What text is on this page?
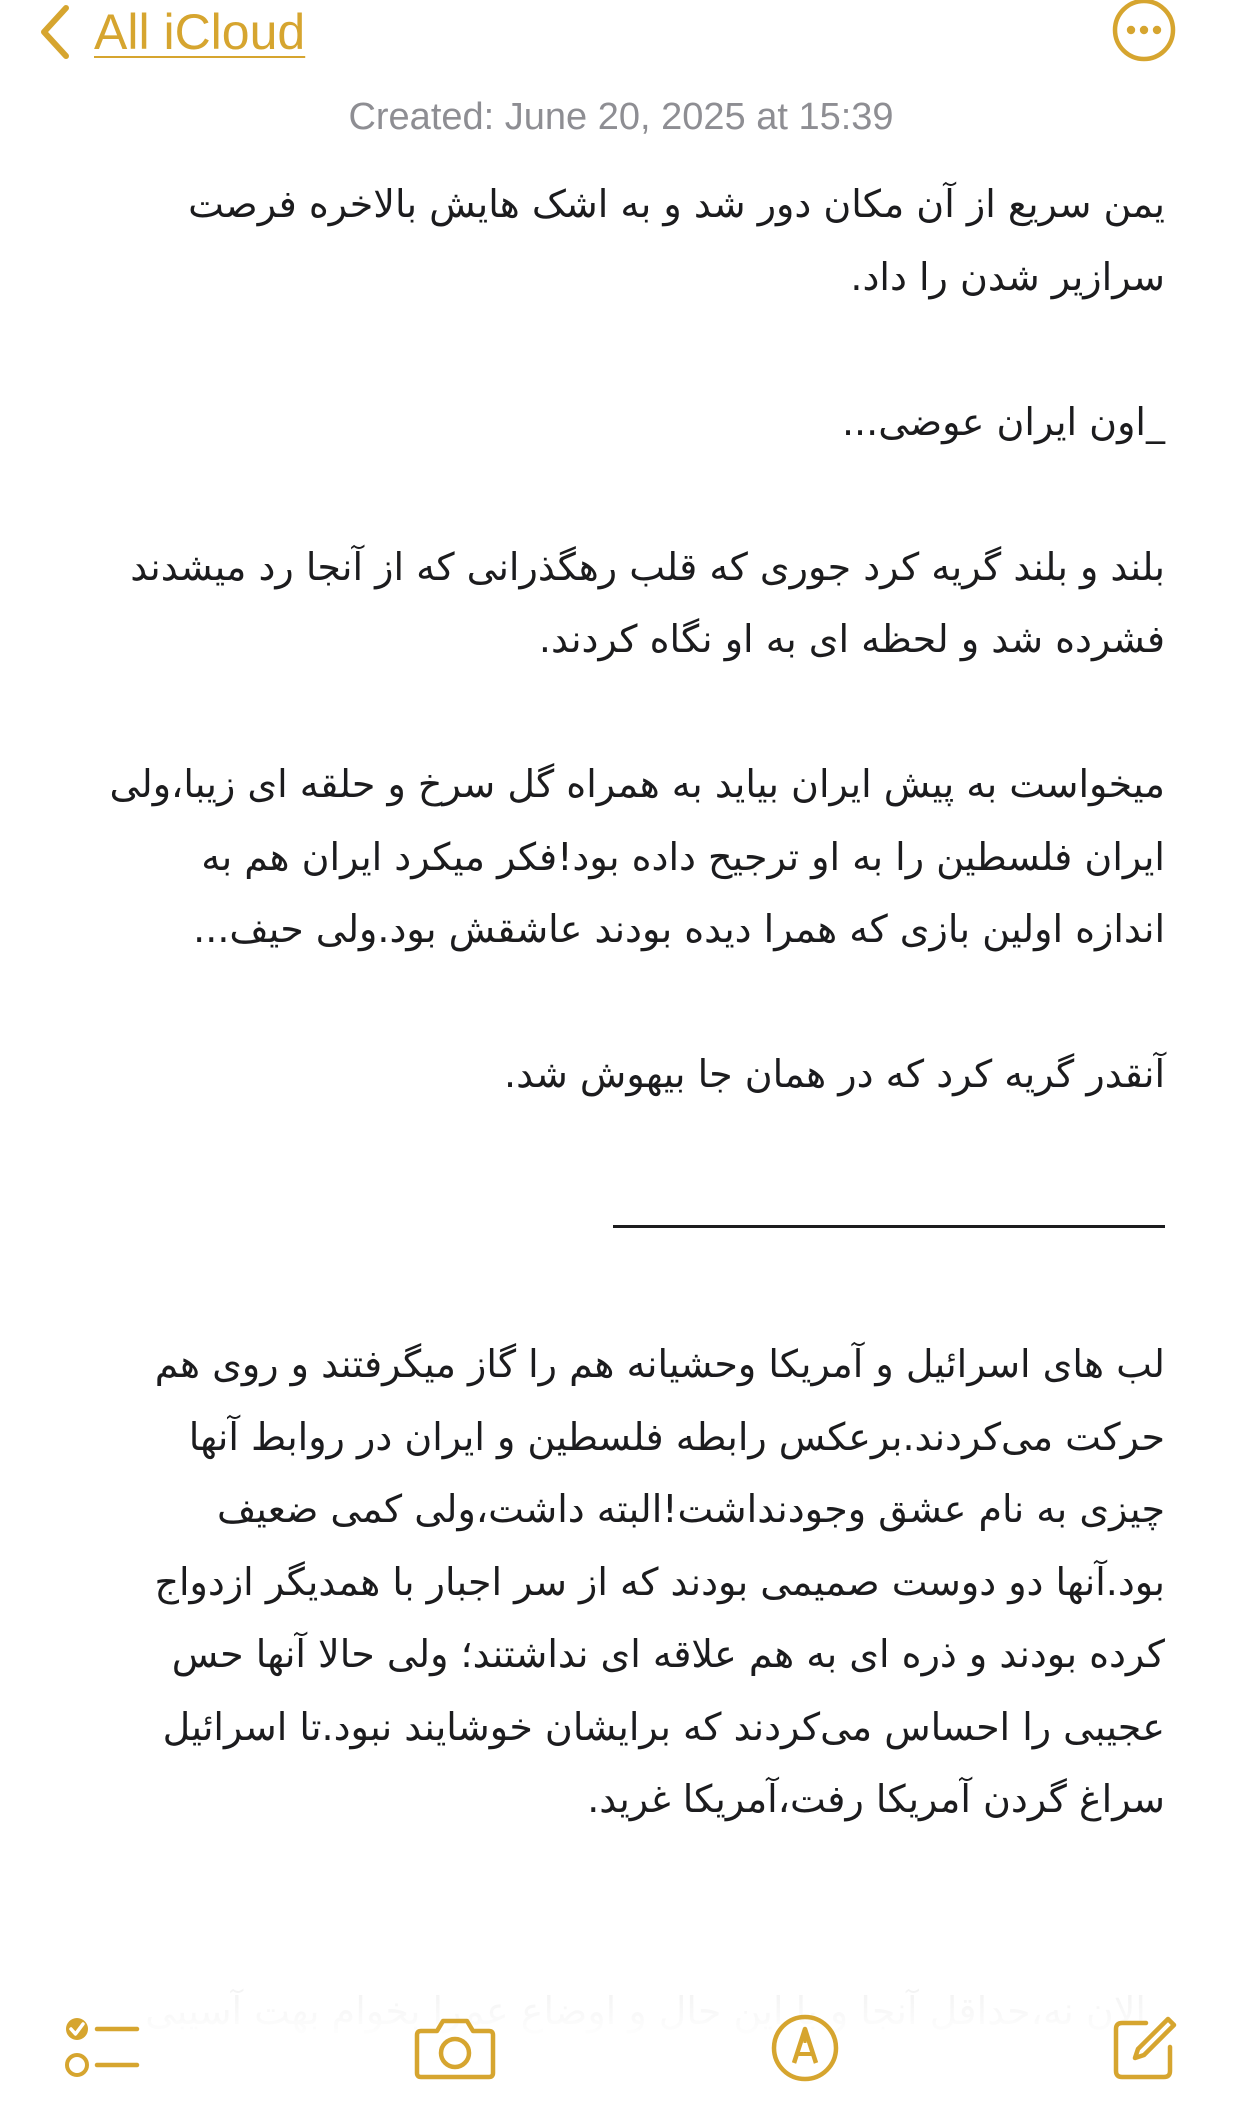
All iCloud
Created: June 20, 2025 at 15:39

یمن سریع از آن مکان دور شد و به اشک هایش بالاخره فرصت سرازیر شدن را داد.

_اون ایران عوضی...

بلند و بلند گریه کرد جوری که قلب رهگذرانی که از آنجا رد میشدند فشرده شد و لحظه ای به او نگاه کردند.

میخواست به پیش ایران بیاید به همراه گل سرخ و حلقه ای زیبا،ولی ایران فلسطین را به او ترجیح داده بود!فکر میکرد ایران هم به اندازه اولین بازی که همرا دیده بودند عاشقش بود.ولی حیف...

آنقدر گریه کرد که در همان جا بیهوش شد.

لب های اسرائیل و آمریکا وحشیانه هم را گاز میگرفتند و روی هم حرکت می‌کردند.برعکس رابطه فلسطین و ایران در روابط آنها چیزی به نام عشق وجودنداشت!البته داشت،ولی کمی ضعیف بود.آنها دو دوست صمیمی بودند که از سر اجبار با همدیگر ازدواج کرده بودند و ذره ای به هم علاقه ای نداشتند؛ ولی حالا آنها حس عجیبی را احساس می‌کردند که برایشان خوشایند نبود.تا اسرائیل سراغ گردن آمریکا رفت،آمریکا غرید.
